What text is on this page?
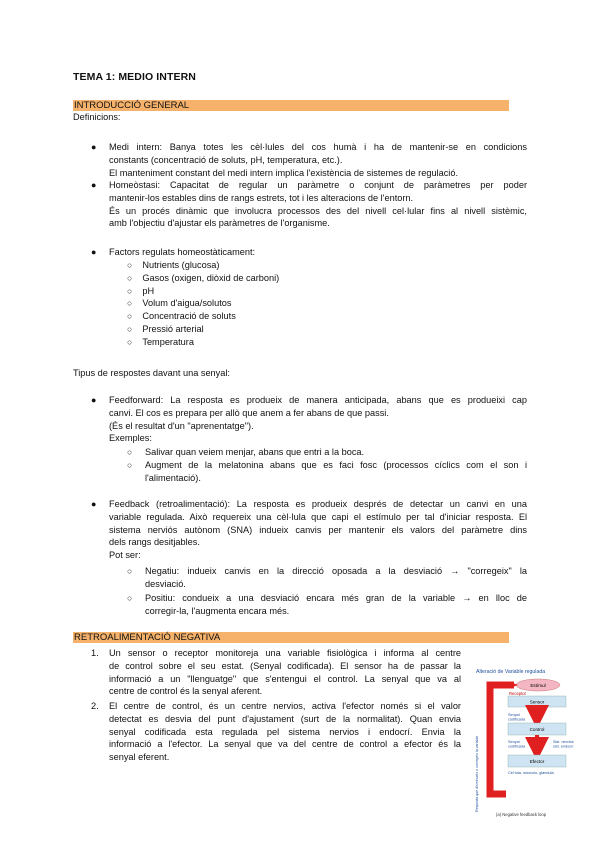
TEMA 1: MEDIO INTERN
INTRODUCCIÓ GENERAL
Definicions:
● Medi intern: Banya totes les cèl·lules del cos humà i ha de mantenir-se en condicions
constants (concentració de soluts, pH, temperatura, etc.).
El manteniment constant del medi intern implica l'existència de sistemes de regulació.
● Homeòstasi: Capacitat de regular un paràmetre o conjunt de paràmetres per poder
mantenir-los estables dins de rangs estrets, tot i les alteracions de l'entorn.
És un procés dinàmic que involucra processos des del nivell cel·lular fins al nivell sistèmic,
amb l'objectiu d'ajustar els paràmetres de l'organisme.
● Factors regulats homeostàticament:
○ Nutrients (glucosa)
○ Gasos (oxigen, diòxid de carboni)
○ pH
○ Volum d'aigua/solutos
○ Concentració de soluts
○ Pressió arterial
○ Temperatura
Tipus de respostes davant una senyal:
● Feedforward: La resposta es produeix de manera anticipada, abans que es produeixi cap
canvi. El cos es prepara per allò que anem a fer abans de que passi.
(És el resultat d'un "aprenentatge").
Exemples:
○ Salivar quan veiem menjar, abans que entri a la boca.
○ Augment de la melatonina abans que es faci fosc (processos cíclics com el son i
l'alimentació).
● Feedback (retroalimentació): La resposta es produeix després de detectar un canvi en una
variable regulada. Això requereix una cèl·lula que capi el estímulo per tal d'iniciar resposta. El
sistema nerviós autònom (SNA) indueix canvis per mantenir els valors del paràmetre dins
dels rangs desitjables.
Pot ser:
○ Negatiu: indueix canvis en la direcció oposada a la desviació → "corregeix" la
desviació.
○ Positiu: condueix a una desviació encara més gran de la variable → en lloc de
corregir-la, l'augmenta encara més.
RETROALIMENTACIÓ NEGATIVA
1. Un sensor o receptor monitoreja una variable fisiològica i informa al centre
de control sobre el seu estat. (Senyal codificada). El sensor ha de passar la
informació a un "llenguatge" que s'entengui el control. La senyal que va al
centre de control és la senyal aferent.
2. El centre de control, és un centre nervios, activa l'efector només si el valor
detectat es desvia del punt d'ajustament (surt de la normalitat). Quan envia
senyal codificada esta regulada pel sistema nervios i endocrí. Envia la
informació a l'efector. La senyal que va del centre de control a efector és la
senyal eferent.
Alteració de Variable regulada
Estímul
Resposta que disminueix o corregeix la variable
Receptor
Sensor
Senyal codificada
Control
Senyal codificada
Sist. nerviós sist. endocrí
Efector
Cèl·lula, músculo, glàndula
(a) Negative feedback loop
